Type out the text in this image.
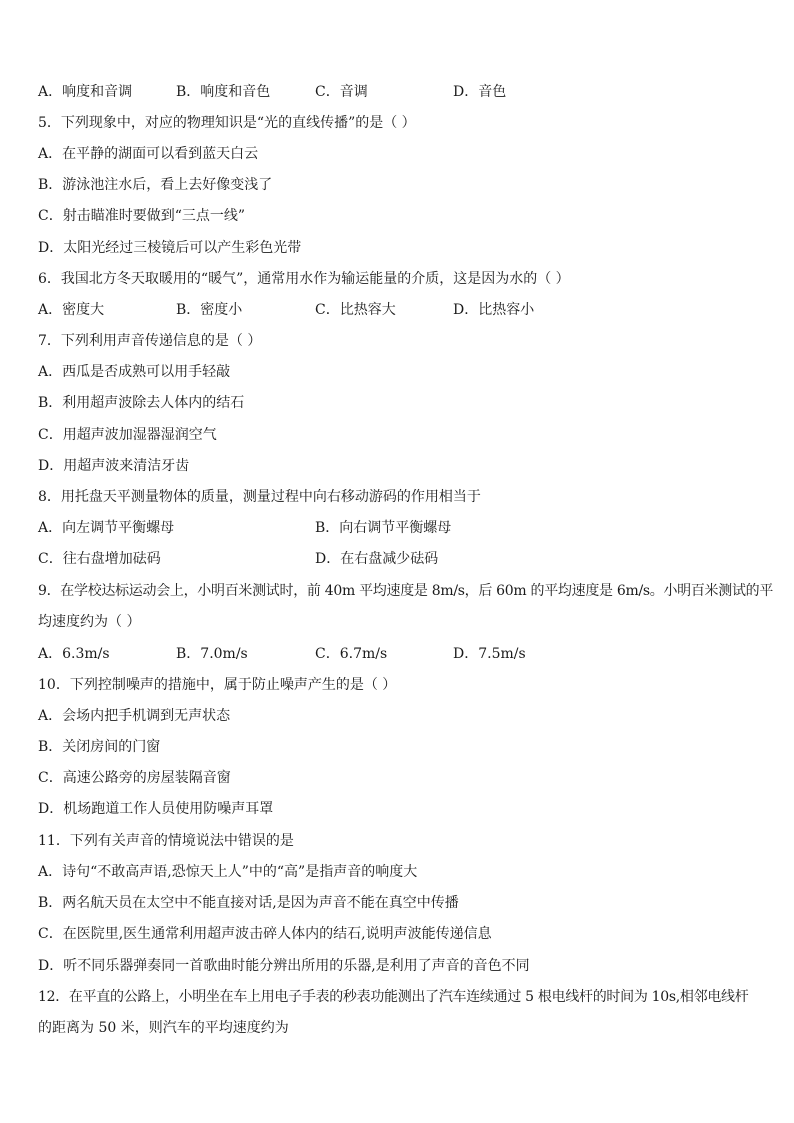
A．响度和音调	B．响度和音色	C．音调	D．音色
5．下列现象中，对应的物理知识是“光的直线传播”的是（ ）
A．在平静的湖面可以看到蓝天白云
B．游泳池注水后，看上去好像变浅了
C．射击瞄准时要做到“三点一线”
D．太阳光经过三棱镜后可以产生彩色光带
6．我国北方冬天取暖用的“暖气”，通常用水作为输运能量的介质，这是因为水的（ ）
A．密度大	B．密度小	C．比热容大	D．比热容小
7．下列利用声音传递信息的是（ ）
A．西瓜是否成熟可以用手轻敲
B．利用超声波除去人体内的结石
C．用超声波加湿器湿润空气
D．用超声波来清洁牙齿
8．用托盘天平测量物体的质量，测量过程中向右移动游码的作用相当于
A．向左调节平衡螺母	B．向右调节平衡螺母
C．往右盘增加砝码	D．在右盘减少砝码
9．在学校达标运动会上，小明百米测试时，前 40m 平均速度是 8m/s，后 60m 的平均速度是 6m/s。小明百米测试的平
均速度约为（ ）
A．6.3m/s	B．7.0m/s	C．6.7m/s	D．7.5m/s
10．下列控制噪声的措施中，属于防止噪声产生的是（ ）
A．会场内把手机调到无声状态
B．关闭房间的门窗
C．高速公路旁的房屋装隔音窗
D．机场跑道工作人员使用防噪声耳罩
11．下列有关声音的情境说法中错误的是
A．诗句“不敢高声语,恐惊天上人”中的“高”是指声音的响度大
B．两名航天员在太空中不能直接对话,是因为声音不能在真空中传播
C．在医院里,医生通常利用超声波击碎人体内的结石,说明声波能传递信息
D．听不同乐器弹奏同一首歌曲时能分辨出所用的乐器,是利用了声音的音色不同
12．在平直的公路上，小明坐在车上用电子手表的秒表功能测出了汽车连续通过 5 根电线杆的时间为 10s,相邻电线杆
的距离为 50 米，则汽车的平均速度约为
